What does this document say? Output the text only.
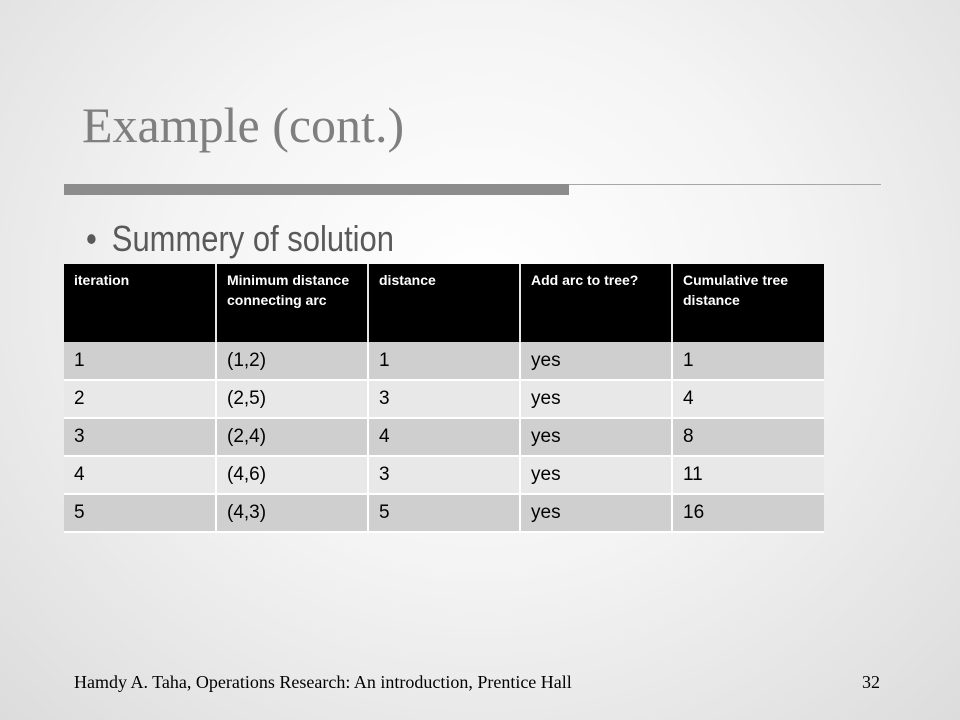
Example (cont.)
• Summery of solution
iteration	Minimum distance connecting arc	distance	Add arc to tree?	Cumulative tree distance
1	(1,2)	1	yes	1
2	(2,5)	3	yes	4
3	(2,4)	4	yes	8
4	(4,6)	3	yes	11
5	(4,3)	5	yes	16
Hamdy A. Taha, Operations Research: An introduction, Prentice Hall	32
